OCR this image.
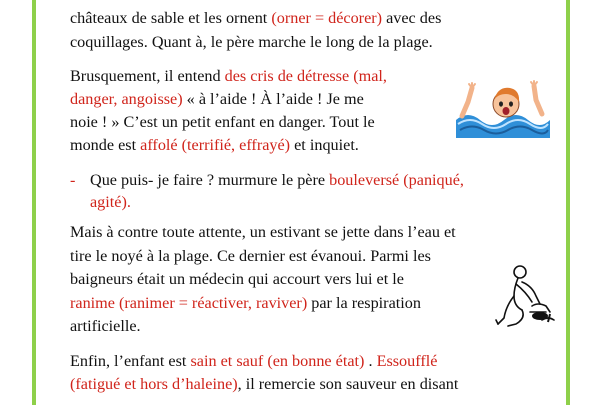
châteaux de sable et les ornent (orner = décorer) avec des
coquillages. Quant à, le père marche le long de la plage.
Brusquement, il entend des cris de détresse (mal,
danger, angoisse) « à l’aide ! À l’aide ! Je me
noie ! » C’est un petit enfant en danger. Tout le
monde est affolé (terrifié, effrayé) et inquiet.
- Que puis- je faire ? murmure le père bouleversé (paniqué,
agité).
Mais à contre toute attente, un estivant se jette dans l’eau et
tire le noyé à la plage. Ce dernier est évanoui. Parmi les
baigneurs était un médecin qui accourt vers lui et le
ranime (ranimer = réactiver, raviver) par la respiration
artificielle.
Enfin, l’enfant est sain et sauf (en bonne état) . Essoufflé
(fatigué et hors d’haleine), il remercie son sauveur en disant
